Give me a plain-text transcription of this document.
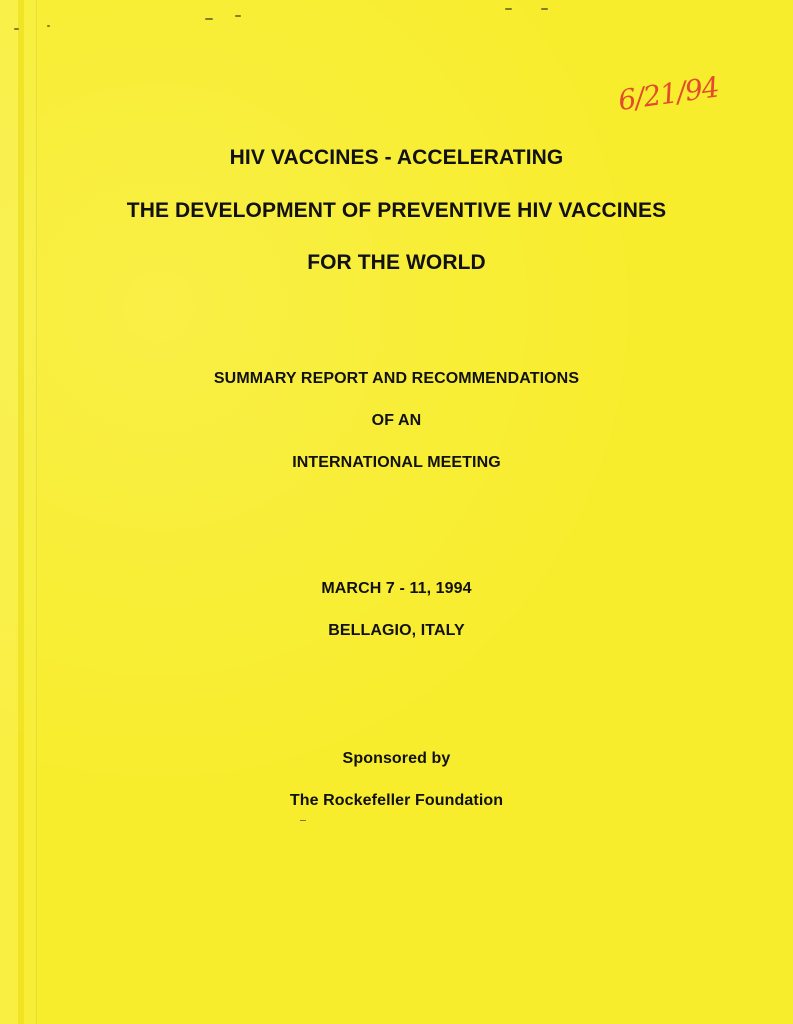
6/21/94
HIV VACCINES - ACCELERATING
THE DEVELOPMENT OF PREVENTIVE HIV VACCINES
FOR THE WORLD
SUMMARY REPORT AND RECOMMENDATIONS
OF AN
INTERNATIONAL MEETING
MARCH 7 - 11, 1994
BELLAGIO, ITALY
Sponsored by
The Rockefeller Foundation
